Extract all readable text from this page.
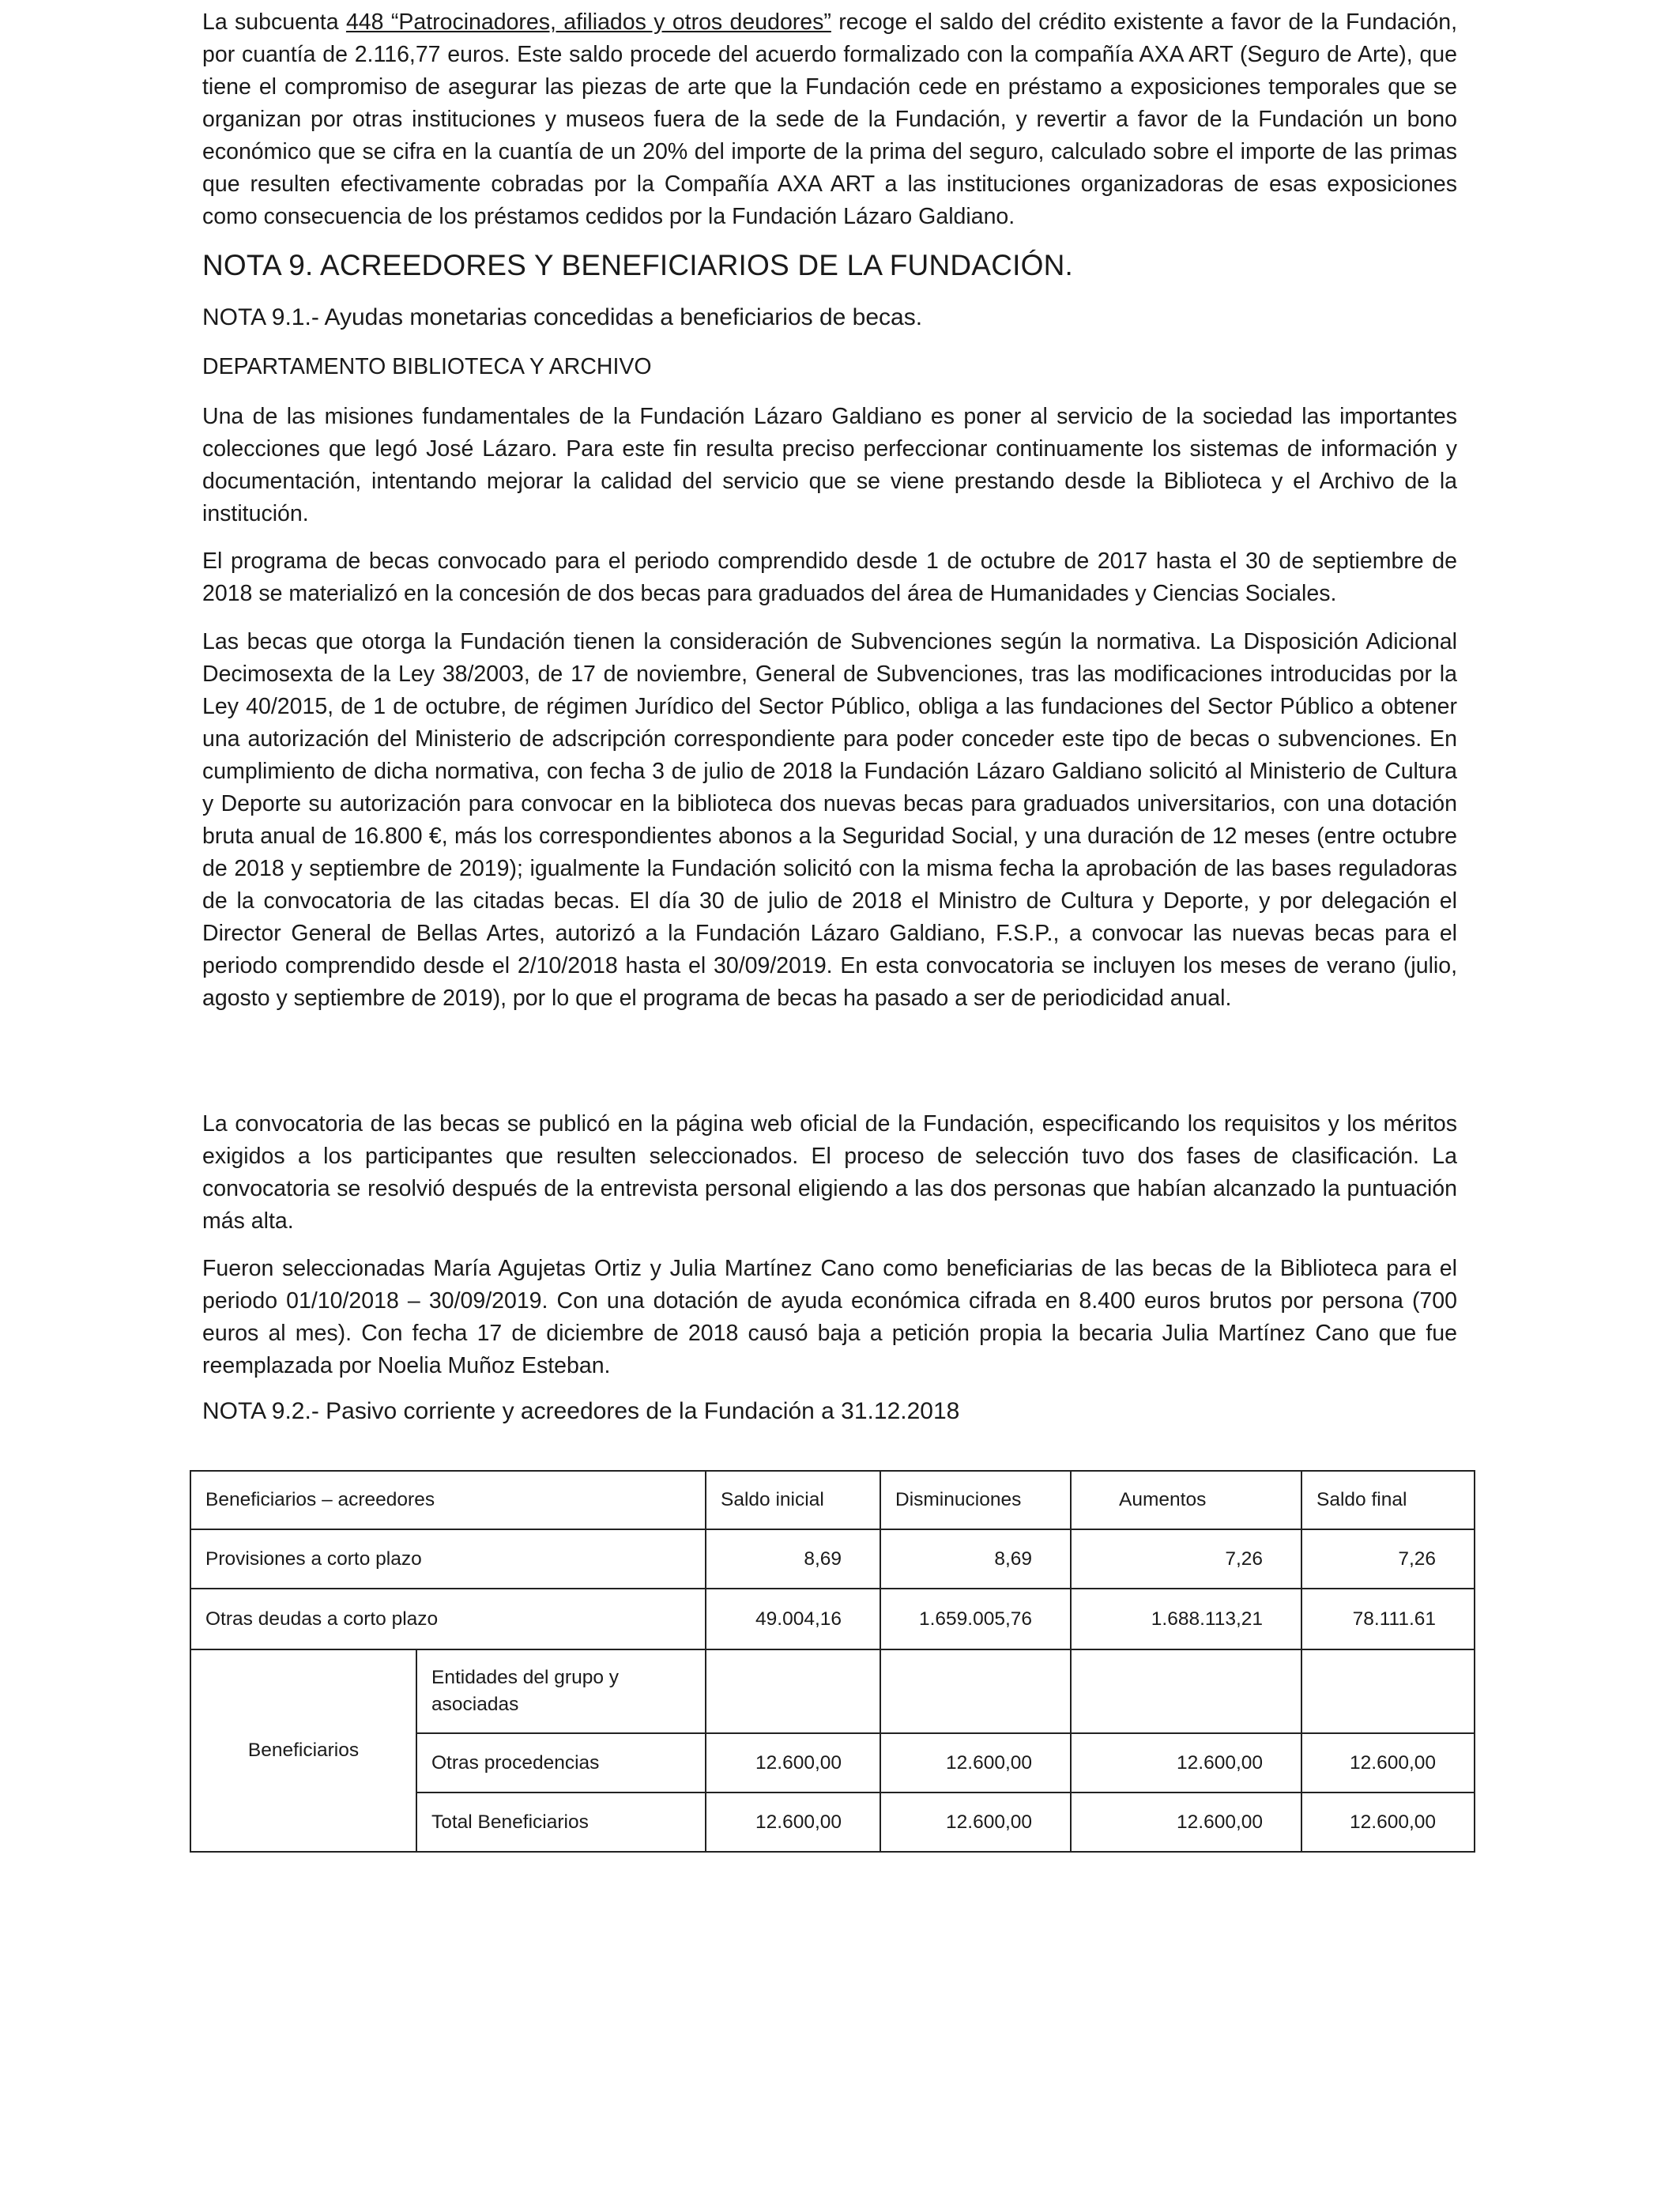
La subcuenta 448 “Patrocinadores, afiliados y otros deudores” recoge el saldo del crédito existente a favor de la Fundación, por cuantía de 2.116,77 euros. Este saldo procede del acuerdo formalizado con la compañía AXA ART (Seguro de Arte), que tiene el compromiso de asegurar las piezas de arte que la Fundación cede en préstamo a exposiciones temporales que se organizan por otras instituciones y museos fuera de la sede de la Fundación, y revertir a favor de la Fundación un bono económico que se cifra en la cuantía de un 20% del importe de la prima del seguro, calculado sobre el importe de las primas que resulten efectivamente cobradas por la Compañía AXA ART a las instituciones organizadoras de esas exposiciones como consecuencia de los préstamos cedidos por la Fundación Lázaro Galdiano.

NOTA 9. ACREEDORES Y BENEFICIARIOS DE LA FUNDACIÓN.
NOTA 9.1.- Ayudas monetarias concedidas a beneficiarios de becas.
DEPARTAMENTO BIBLIOTECA Y ARCHIVO

Una de las misiones fundamentales de la Fundación Lázaro Galdiano es poner al servicio de la sociedad las importantes colecciones que legó José Lázaro. Para este fin resulta preciso perfeccionar continuamente los sistemas de información y documentación, intentando mejorar la calidad del servicio que se viene prestando desde la Biblioteca y el Archivo de la institución.

El programa de becas convocado para el periodo comprendido desde 1 de octubre de 2017 hasta el 30 de septiembre de 2018 se materializó en la concesión de dos becas para graduados del área de Humanidades y Ciencias Sociales.

Las becas que otorga la Fundación tienen la consideración de Subvenciones según la normativa. La Disposición Adicional Decimosexta de la Ley 38/2003, de 17 de noviembre, General de Subvenciones, tras las modificaciones introducidas por la Ley 40/2015, de 1 de octubre, de régimen Jurídico del Sector Público, obliga a las fundaciones del Sector Público a obtener una autorización del Ministerio de adscripción correspondiente para poder conceder este tipo de becas o subvenciones. En cumplimiento de dicha normativa, con fecha 3 de julio de 2018 la Fundación Lázaro Galdiano solicitó al Ministerio de Cultura y Deporte su autorización para convocar en la biblioteca dos nuevas becas para graduados universitarios, con una dotación bruta anual de 16.800 €, más los correspondientes abonos a la Seguridad Social, y una duración de 12 meses (entre octubre de 2018 y septiembre de 2019); igualmente la Fundación solicitó con la misma fecha la aprobación de las bases reguladoras de la convocatoria de las citadas becas. El día 30 de julio de 2018 el Ministro de Cultura y Deporte, y por delegación el Director General de Bellas Artes, autorizó a la Fundación Lázaro Galdiano, F.S.P., a convocar las nuevas becas para el periodo comprendido desde el 2/10/2018 hasta el 30/09/2019. En esta convocatoria se incluyen los meses de verano (julio, agosto y septiembre de 2019), por lo que el programa de becas ha pasado a ser de periodicidad anual.

La convocatoria de las becas se publicó en la página web oficial de la Fundación, especificando los requisitos y los méritos exigidos a los participantes que resulten seleccionados. El proceso de selección tuvo dos fases de clasificación. La convocatoria se resolvió después de la entrevista personal eligiendo a las dos personas que habían alcanzado la puntuación más alta.

Fueron seleccionadas María Agujetas Ortiz y Julia Martínez Cano como beneficiarias de las becas de la Biblioteca para el periodo 01/10/2018 – 30/09/2019. Con una dotación de ayuda económica cifrada en 8.400 euros brutos por persona (700 euros al mes). Con fecha 17 de diciembre de 2018 causó baja a petición propia la becaria Julia Martínez Cano que fue reemplazada por Noelia Muñoz Esteban.

NOTA 9.2.- Pasivo corriente y acreedores de la Fundación a 31.12.2018
Beneficiarios – acreedores		Saldo inicial	Disminuciones	Aumentos	Saldo final
Provisiones a corto plazo		8,69	8,69	7,26	7,26
Otras deudas a corto plazo		49.004,16	1.659.005,76	1.688.113,21	78.111.61
Beneficiarios	Entidades del grupo y asociadas				
	Otras procedencias	12.600,00	12.600,00	12.600,00	12.600,00
	Total Beneficiarios	12.600,00	12.600,00	12.600,00	12.600,00
